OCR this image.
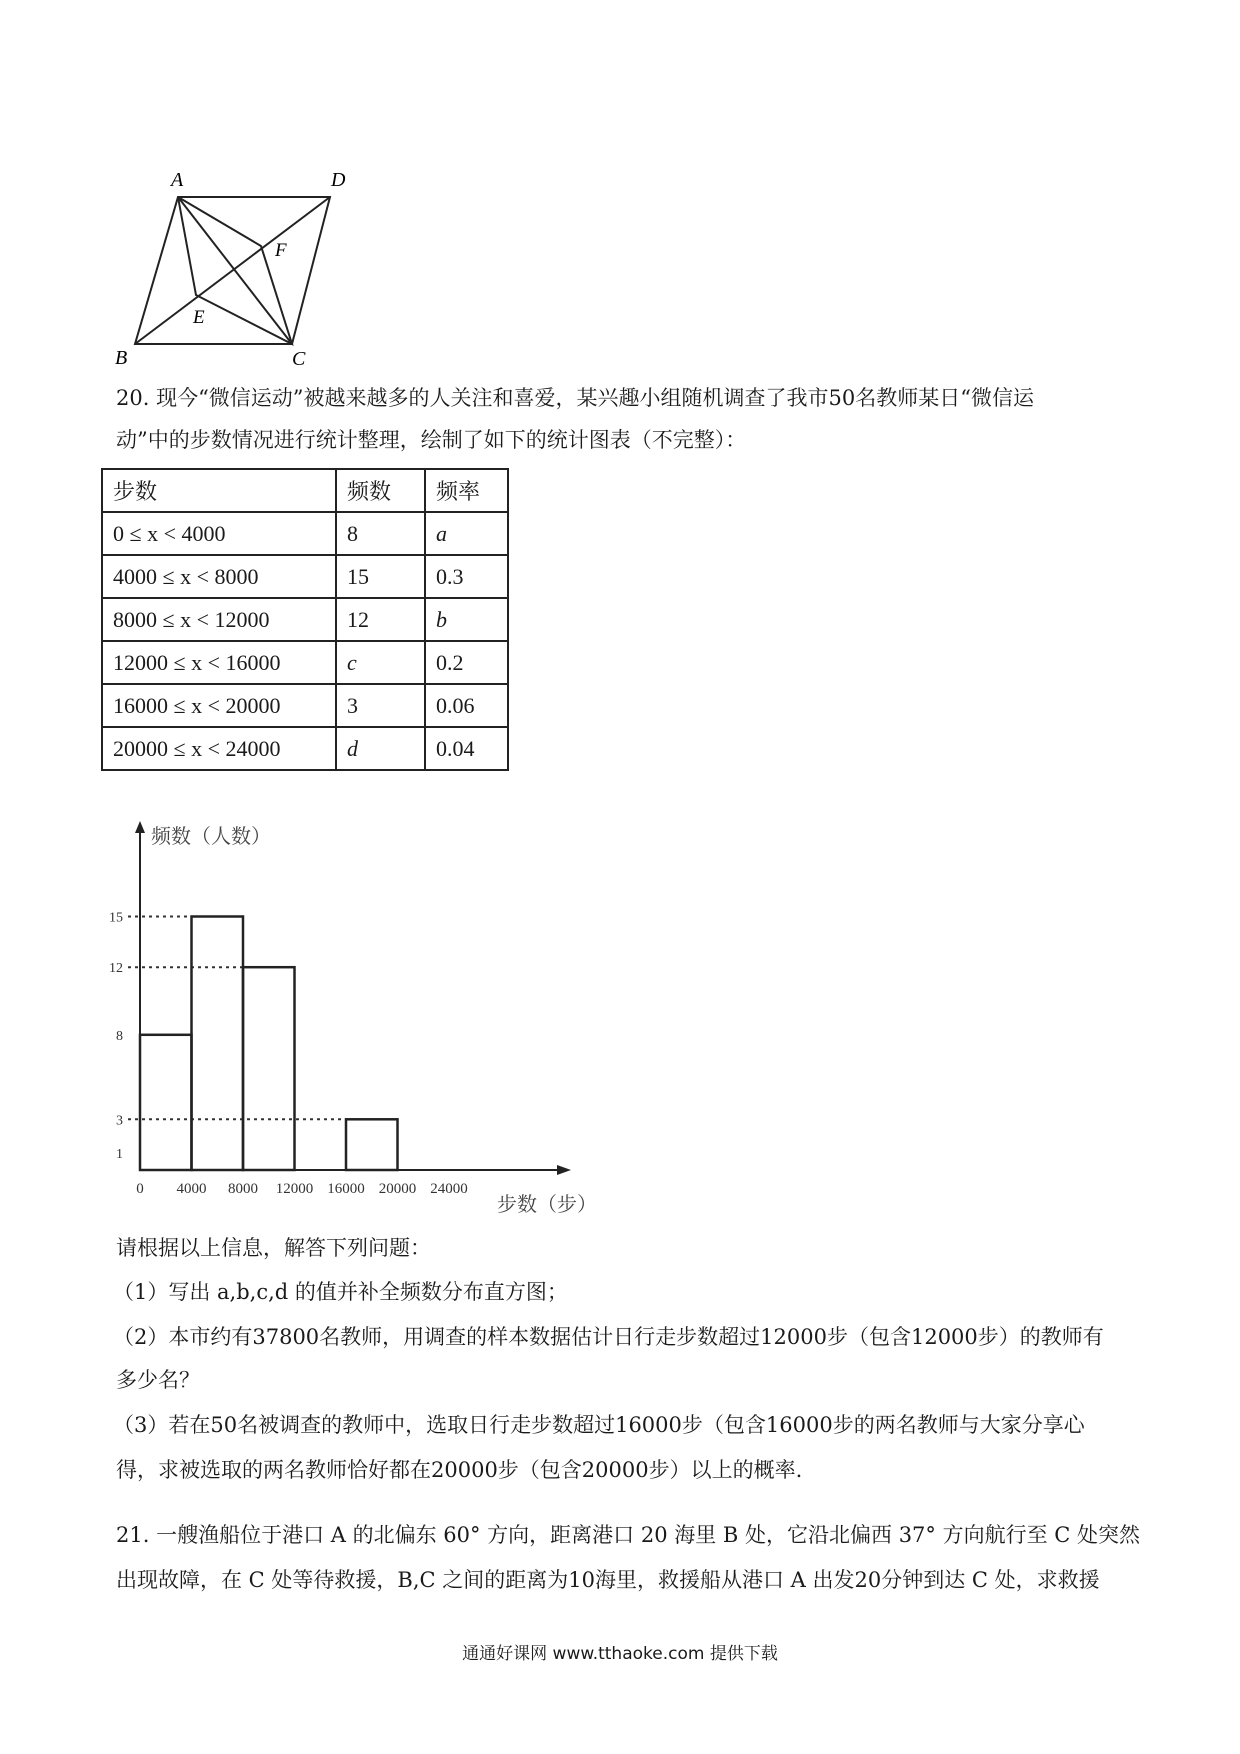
A	D
F
E
B	C
20. 现今“微信运动”被越来越多的人关注和喜爱，某兴趣小组随机调查了我市50名教师某日“微信运
动”中的步数情况进行统计整理，绘制了如下的统计图表（不完整）：
步数	频数	频率
0 ≤ x < 4000	8	a
4000 ≤ x < 8000	15	0.3
8000 ≤ x < 12000	12	b
12000 ≤ x < 16000	c	0.2
16000 ≤ x < 20000	3	0.06
20000 ≤ x < 24000	d	0.04
1
3
8
12
15
0 4000 8000 12000 16000 20000 24000
频数（人数）
步数（步）
请根据以上信息，解答下列问题：
（1）写出 a,b,c,d 的值并补全频数分布直方图；
（2）本市约有37800名教师，用调查的样本数据估计日行走步数超过12000步（包含12000步）的教师有
多少名？
（3）若在50名被调查的教师中，选取日行走步数超过16000步（包含16000步的两名教师与大家分享心
得，求被选取的两名教师恰好都在20000步（包含20000步）以上的概率.
21. 一艘渔船位于港口 A 的北偏东 60° 方向，距离港口 20 海里 B 处，它沿北偏西 37° 方向航行至 C 处突然
出现故障，在 C 处等待救援，B,C 之间的距离为10海里，救援船从港口 A 出发20分钟到达 C 处，求救援
通通好课网 www.tthaoke.com 提供下载
